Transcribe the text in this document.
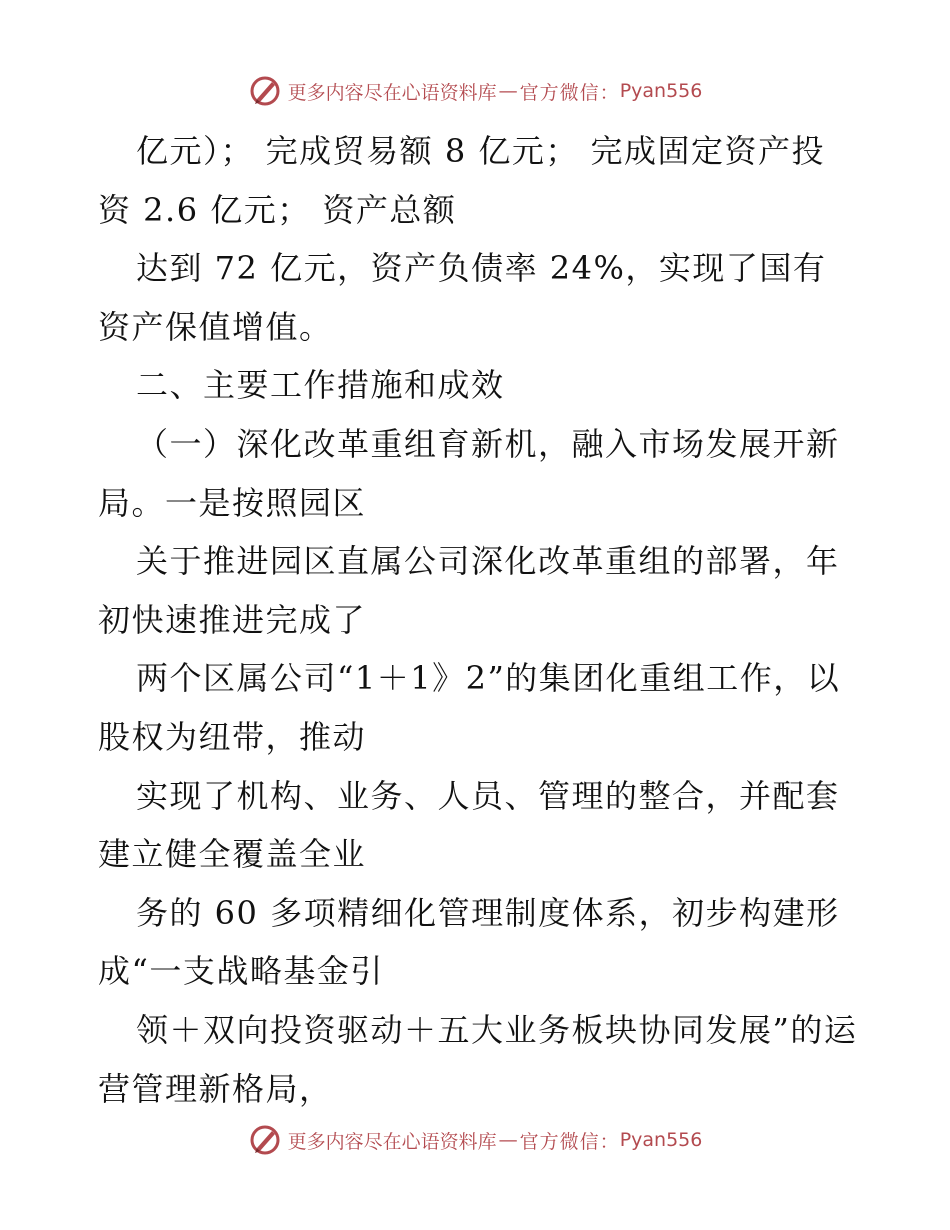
更多内容尽在心语资料库 — 官方微信： Pyan556

亿元）； 完成贸易额 8 亿元； 完成固定资产投资 2.6 亿元； 资产总额

达到 72 亿元，资产负债率 24%，实现了国有资产保值增值。

二、主要工作措施和成效

（一）深化改革重组育新机，融入市场发展开新局。一是按照园区

关于推进园区直属公司深化改革重组的部署，年初快速推进完成了

两个区属公司“1＋1》2”的集团化重组工作，以股权为纽带，推动

实现了机构、业务、人员、管理的整合，并配套建立健全覆盖全业

务的 60 多项精细化管理制度体系，初步构建形成“一支战略基金引

领＋双向投资驱动＋五大业务板块协同发展”的运营管理新格局，

更多内容尽在心语资料库 — 官方微信： Pyan556
